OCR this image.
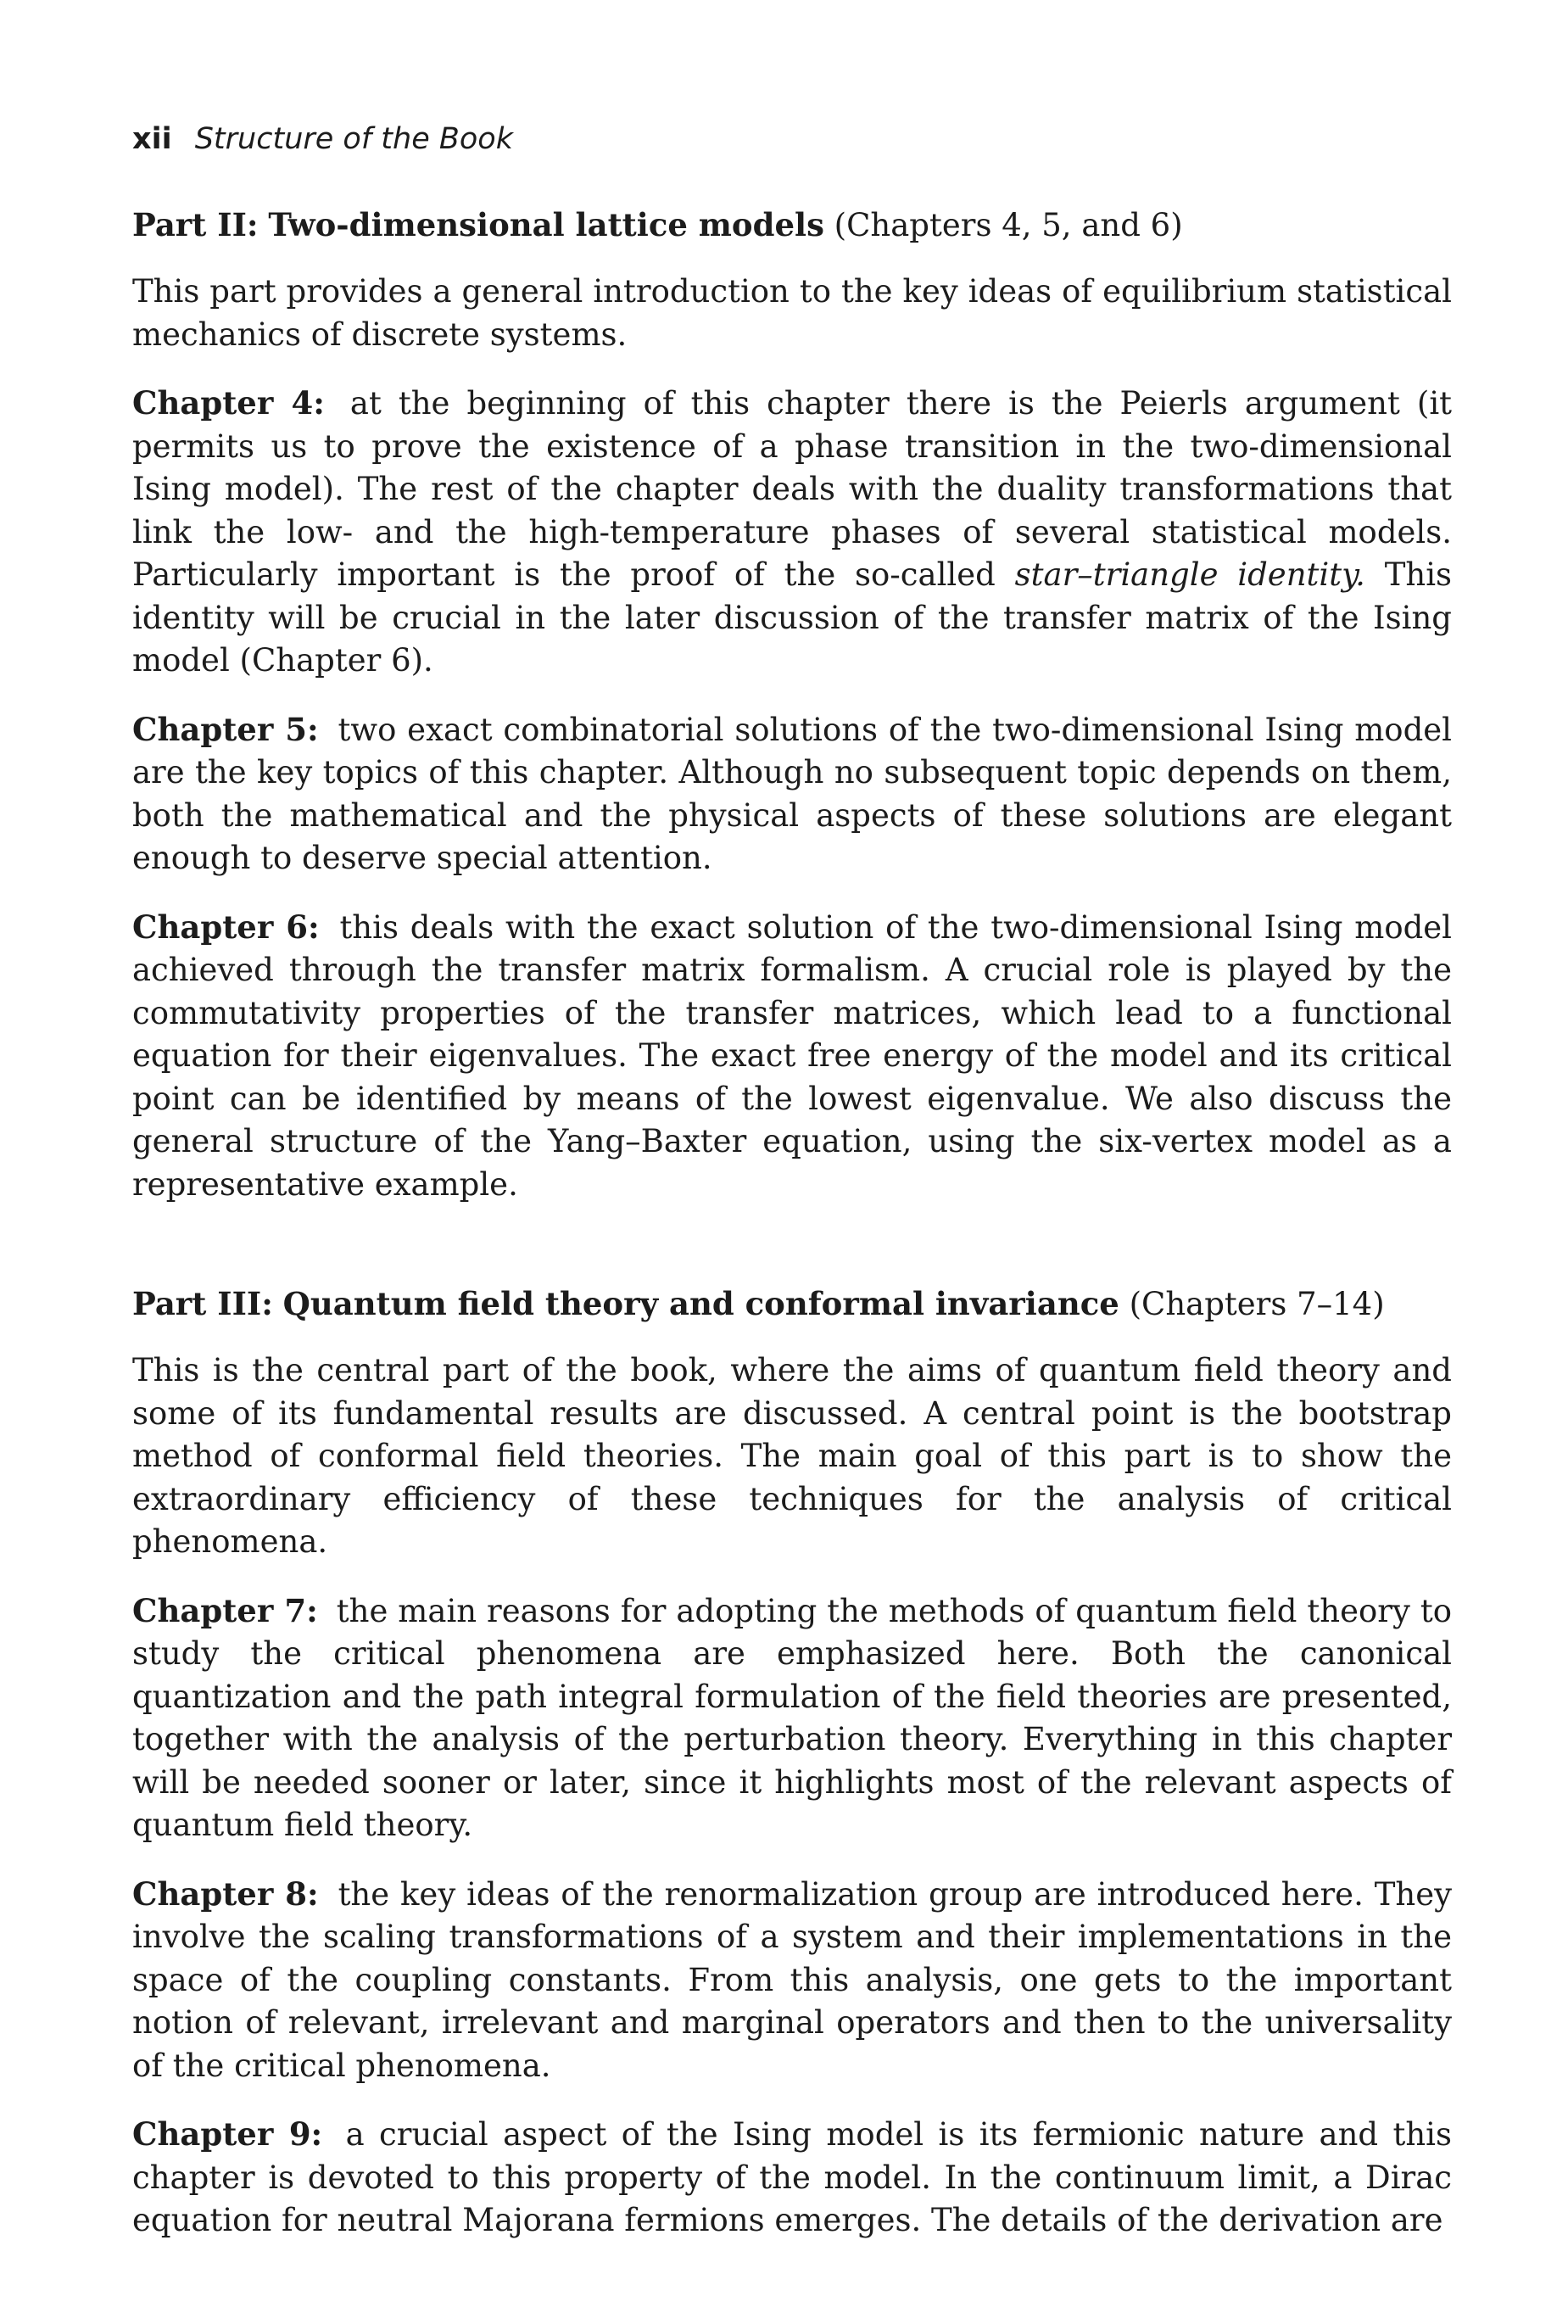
xii Structure of the Book
Part II: Two-dimensional lattice models (Chapters 4, 5, and 6)

This part provides a general introduction to the key ideas of equilibrium statistical mechanics of discrete systems.

Chapter 4: at the beginning of this chapter there is the Peierls argument (it permits us to prove the existence of a phase transition in the two-dimensional Ising model). The rest of the chapter deals with the duality transformations that link the low- and the high-temperature phases of several statistical models. Particularly important is the proof of the so-called star–triangle identity. This identity will be crucial in the later discussion of the transfer matrix of the Ising model (Chapter 6).

Chapter 5: two exact combinatorial solutions of the two-dimensional Ising model are the key topics of this chapter. Although no subsequent topic depends on them, both the mathematical and the physical aspects of these solutions are elegant enough to deserve special attention.

Chapter 6: this deals with the exact solution of the two-dimensional Ising model achieved through the transfer matrix formalism. A crucial role is played by the commutativity properties of the transfer matrices, which lead to a functional equation for their eigenvalues. The exact free energy of the model and its critical point can be identified by means of the lowest eigenvalue. We also discuss the general structure of the Yang–Baxter equation, using the six-vertex model as a representative example.

Part III: Quantum field theory and conformal invariance (Chapters 7–14)

This is the central part of the book, where the aims of quantum field theory and some of its fundamental results are discussed. A central point is the bootstrap method of conformal field theories. The main goal of this part is to show the extraordinary efficiency of these techniques for the analysis of critical phenomena.

Chapter 7: the main reasons for adopting the methods of quantum field theory to study the critical phenomena are emphasized here. Both the canonical quantization and the path integral formulation of the field theories are presented, together with the analysis of the perturbation theory. Everything in this chapter will be needed sooner or later, since it highlights most of the relevant aspects of quantum field theory.

Chapter 8: the key ideas of the renormalization group are introduced here. They involve the scaling transformations of a system and their implementations in the space of the coupling constants. From this analysis, one gets to the important notion of relevant, irrelevant and marginal operators and then to the universality of the critical phenomena.

Chapter 9: a crucial aspect of the Ising model is its fermionic nature and this chapter is devoted to this property of the model. In the continuum limit, a Dirac equation for neutral Majorana fermions emerges. The details of the derivation are
